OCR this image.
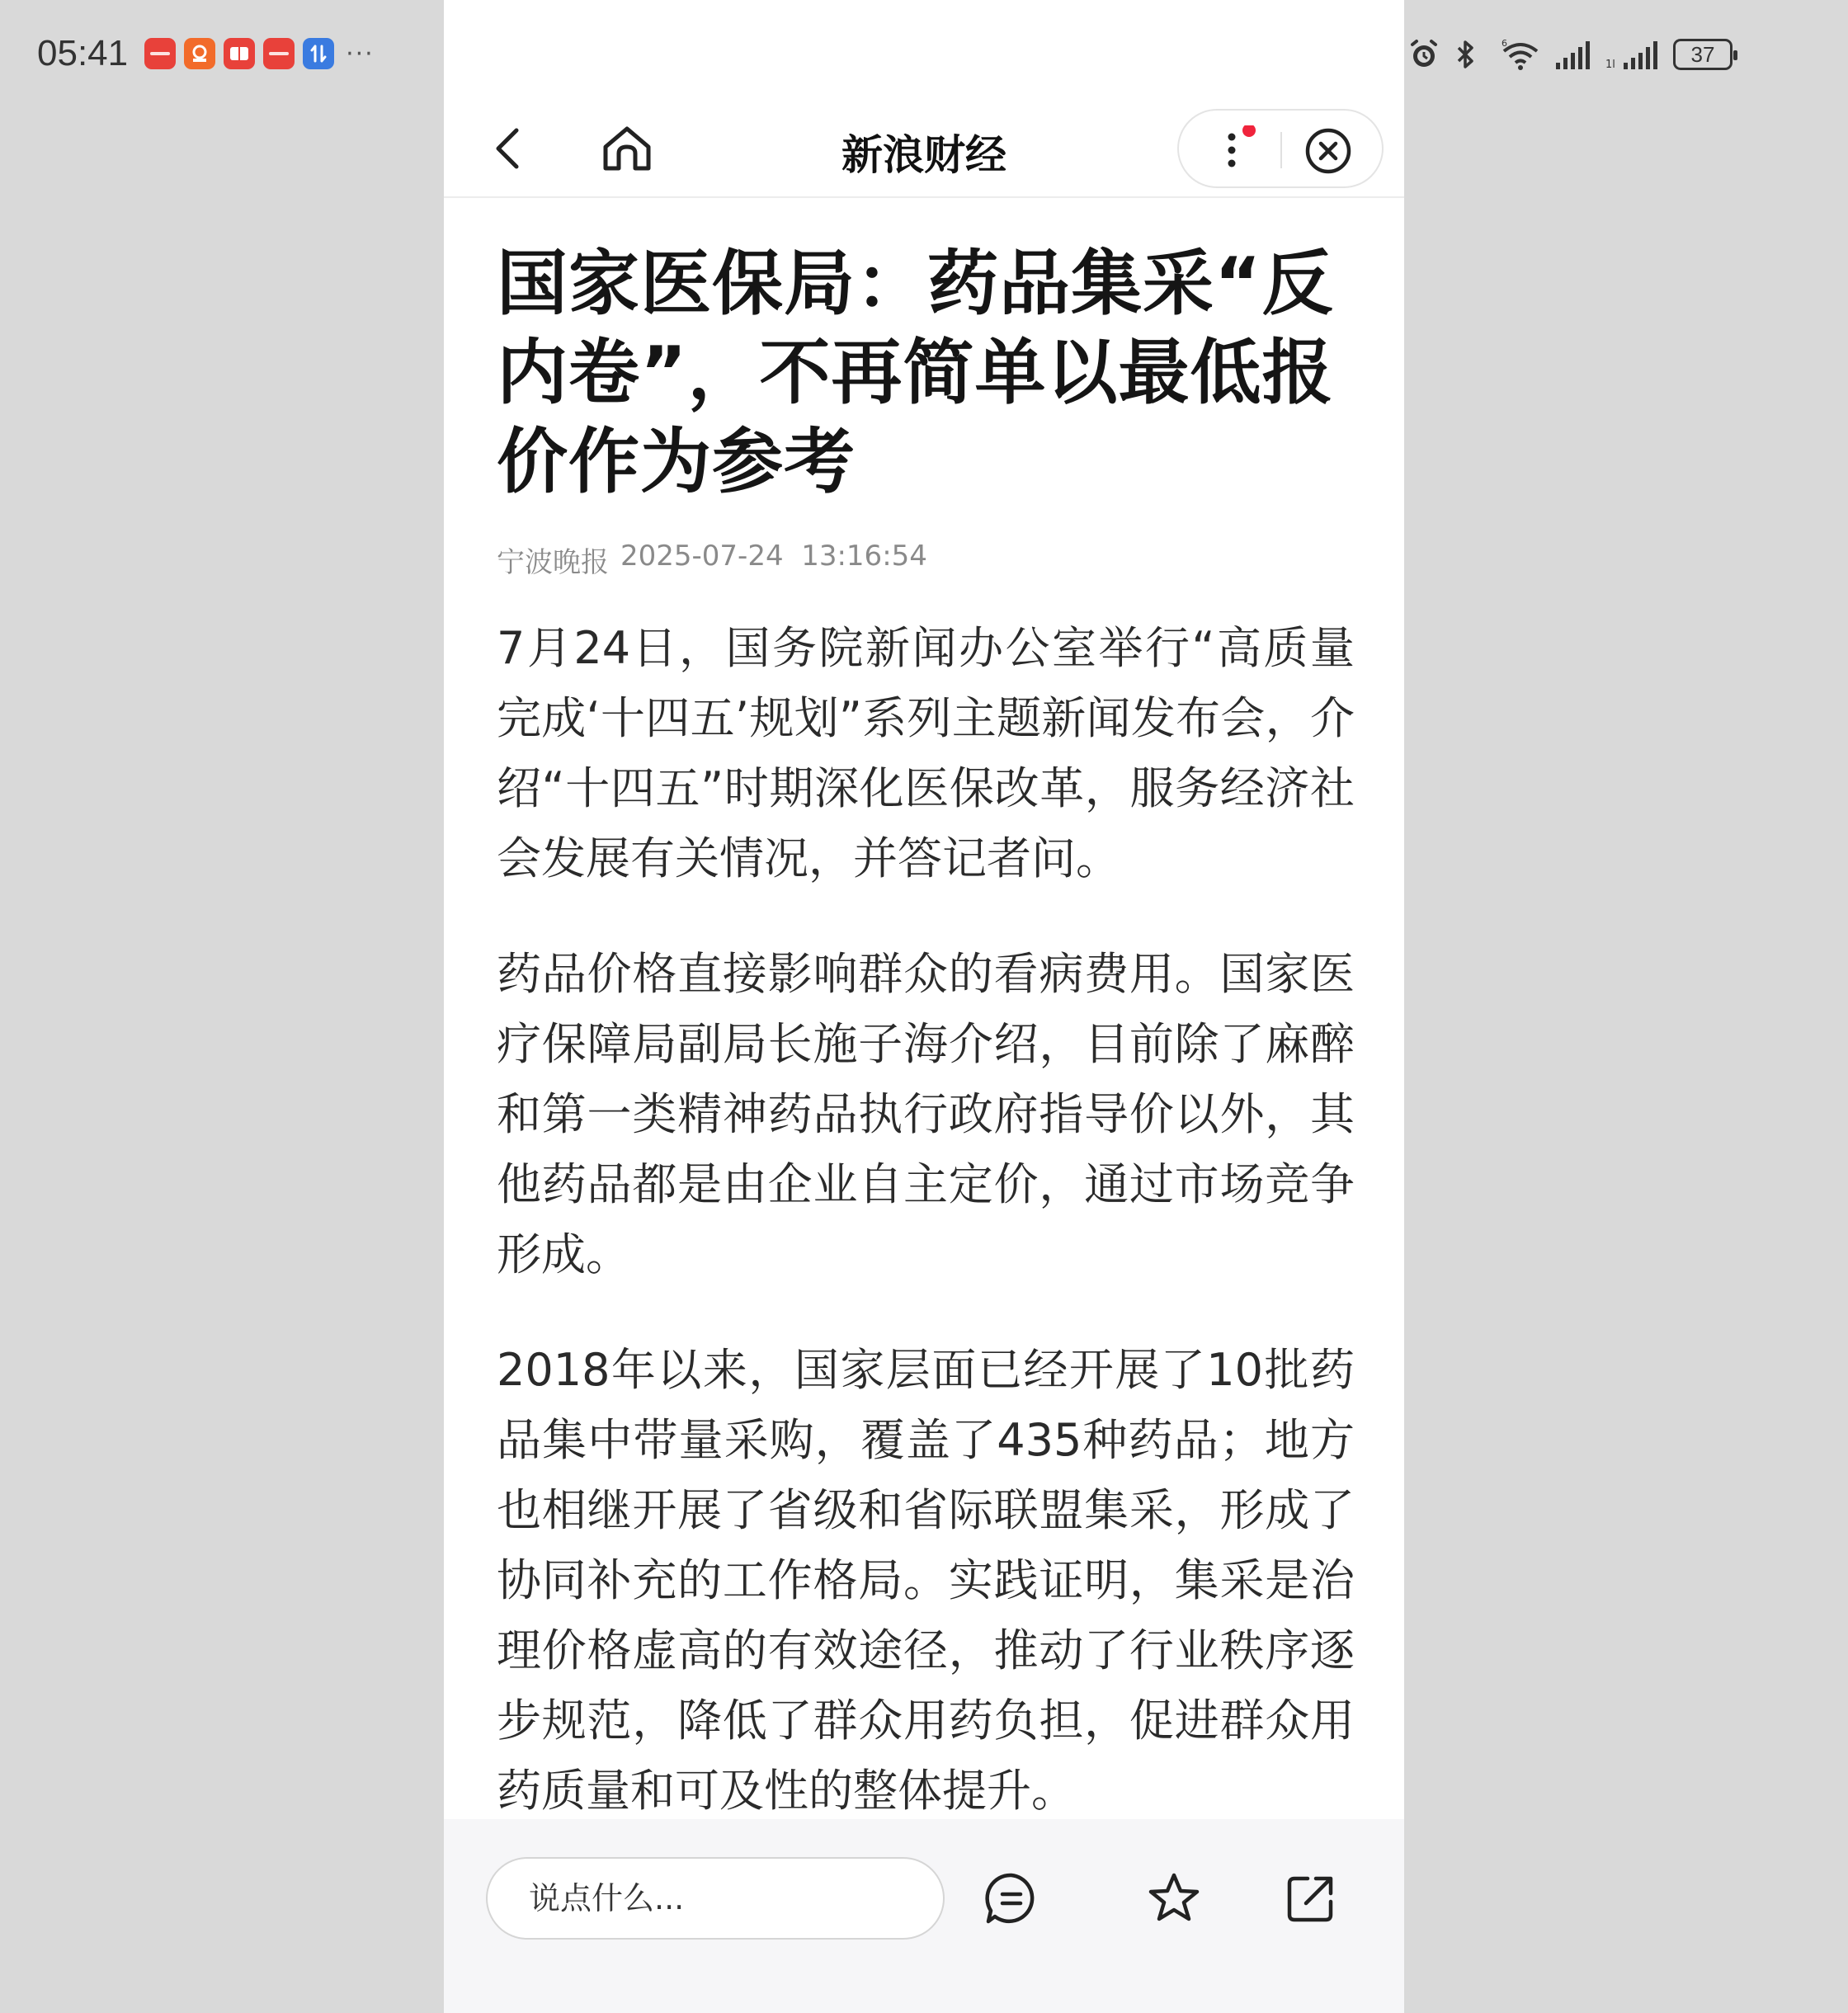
05:41	···	6
1l	37
新浪财经
国家医保局：药品集采“反内卷”，不再简单以最低报价作为参考
宁波晚报 2025-07-24  13:16:54

7月24日，国务院新闻办公室举行“高质量完成‘十四五’规划”系列主题新闻发布会，介绍“十四五”时期深化医保改革，服务经济社会发展有关情况，并答记者问。

药品价格直接影响群众的看病费用。国家医疗保障局副局长施子海介绍，目前除了麻醉和第一类精神药品执行政府指导价以外，其他药品都是由企业自主定价，通过市场竞争形成。

2018年以来，国家层面已经开展了10批药品集中带量采购，覆盖了435种药品；地方也相继开展了省级和省际联盟集采，形成了协同补充的工作格局。实践证明，集采是治理价格虚高的有效途径，推动了行业秩序逐步规范，降低了群众用药负担，促进群众用药质量和可及性的整体提升。

说点什么...
